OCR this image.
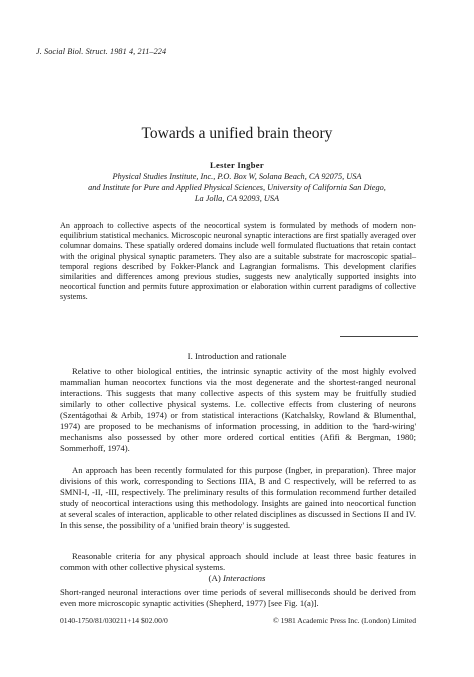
J. Social Biol. Struct. 1981 4, 211–224
Towards a unified brain theory
Lester Ingber
Physical Studies Institute, Inc., P.O. Box W, Solana Beach, CA 92075, USA
and Institute for Pure and Applied Physical Sciences, University of California San Diego,
La Jolla, CA 92093, USA
An approach to collective aspects of the neocortical system is formulated by methods of modern non-equilibrium statistical mechanics. Microscopic neuronal synaptic interactions are first spatially averaged over columnar domains. These spatially ordered domains include well formulated fluctuations that retain contact with the original physical synaptic parameters. They also are a suitable substrate for macroscopic spatial–temporal regions described by Fokker-Planck and Lagrangian formalisms. This development clarifies similarities and differences among previous studies, suggests new analytically supported insights into neocortical function and permits future approximation or elaboration within current paradigms of collective systems.
I. Introduction and rationale
Relative to other biological entities, the intrinsic synaptic activity of the most highly evolved mammalian human neocortex functions via the most degenerate and the shortest-ranged neuronal interactions. This suggests that many collective aspects of this system may be fruitfully studied similarly to other collective physical systems. I.e. collective effects from clustering of neurons (Szentágothai & Arbib, 1974) or from statistical interactions (Katchalsky, Rowland & Blumenthal, 1974) are proposed to be mechanisms of information processing, in addition to the 'hard-wiring' mechanisms also possessed by other more ordered cortical entities (Afifi & Bergman, 1980; Sommerhoff, 1974).
An approach has been recently formulated for this purpose (Ingber, in preparation). Three major divisions of this work, corresponding to Sections IIIA, B and C respectively, will be referred to as SMNI-I, -II, -III, respectively. The preliminary results of this formulation recommend further detailed study of neocortical interactions using this methodology. Insights are gained into neocortical function at several scales of interaction, applicable to other related disciplines as discussed in Sections II and IV. In this sense, the possibility of a 'unified brain theory' is suggested.
Reasonable criteria for any physical approach should include at least three basic features in common with other collective physical systems.
(A) Interactions
Short-ranged neuronal interactions over time periods of several milliseconds should be derived from even more microscopic synaptic activities (Shepherd, 1977) [see Fig. 1(a)].
0140-1750/81/030211+14 $02.00/0	© 1981 Academic Press Inc. (London) Limited
